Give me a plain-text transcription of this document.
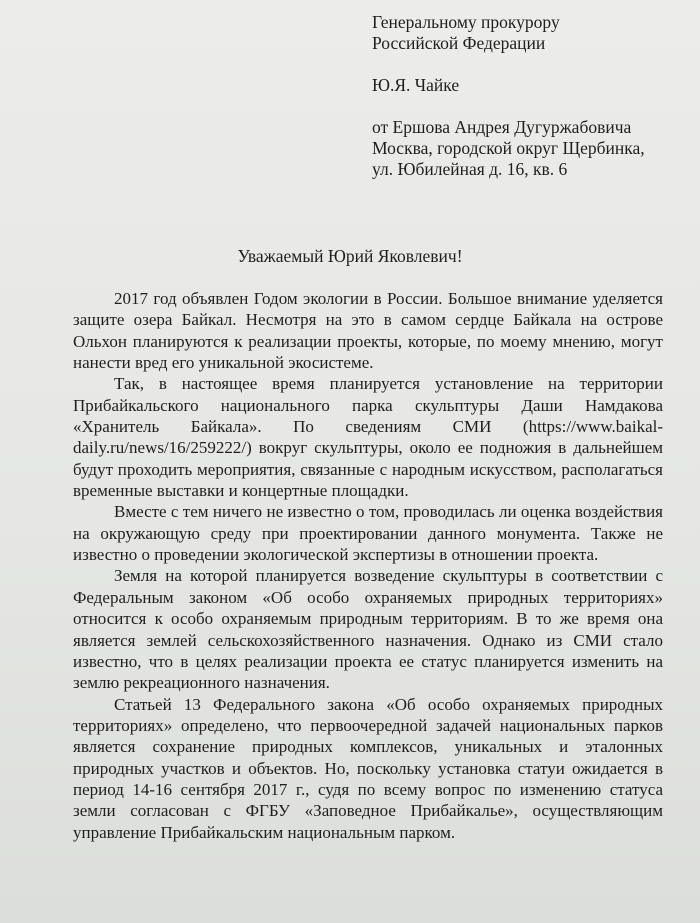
Генеральному прокурору
Российской Федерации
Ю.Я. Чайке
от Ершова Андрея Дугуржабовича
Москва, городской округ Щербинка,
ул. Юбилейная д. 16, кв. 6
Уважаемый Юрий Яковлевич!

2017 год объявлен Годом экологии в России. Большое внимание уделяется защите озера Байкал. Несмотря на это в самом сердце Байкала на острове Ольхон планируются к реализации проекты, которые, по моему мнению, могут нанести вред его уникальной экосистеме.

Так, в настоящее время планируется установление на территории Прибайкальского национального парка скульптуры Даши Намдакова «Хранитель Байкала». По сведениям СМИ (https://www.baikal-daily.ru/news/16/259222/) вокруг скульптуры, около ее подножия в дальнейшем будут проходить мероприятия, связанные с народным искусством, располагаться временные выставки и концертные площадки.

Вместе с тем ничего не известно о том, проводилась ли оценка воздействия на окружающую среду при проектировании данного монумента. Также не известно о проведении экологической экспертизы в отношении проекта.

Земля на которой планируется возведение скульптуры в соответствии с Федеральным законом «Об особо охраняемых природных территориях» относится к особо охраняемым природным территориям. В то же время она является землей сельскохозяйственного назначения. Однако из СМИ стало известно, что в целях реализации проекта ее статус планируется изменить на землю рекреационного назначения.

Статьей 13 Федерального закона «Об особо охраняемых природных территориях» определено, что первоочередной задачей национальных парков является сохранение природных комплексов, уникальных и эталонных природных участков и объектов. Но, поскольку установка статуи ожидается в период 14-16 сентября 2017 г., судя по всему вопрос по изменению статуса земли согласован с ФГБУ «Заповедное Прибайкалье», осуществляющим управление Прибайкальским национальным парком.
